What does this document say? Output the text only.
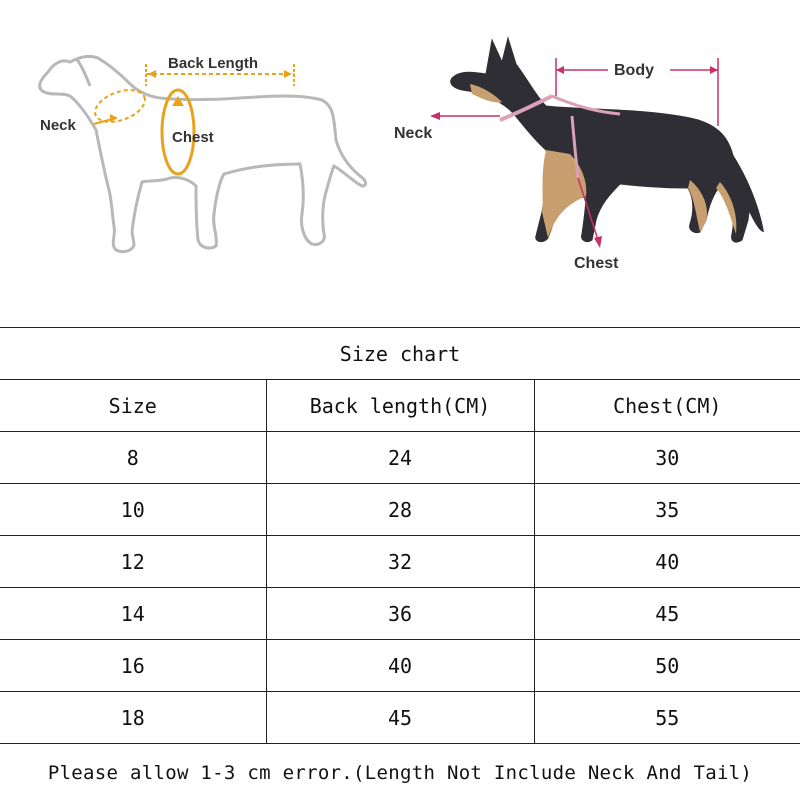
Back Length
Neck
Chest
Body
Neck
Chest
Size chart		
Size	Back length(CM)	Chest(CM)
8	24	30
10	28	35
12	32	40
14	36	45
16	40	50
18	45	55
Please allow 1-3 cm error.(Length Not Include Neck And Tail)
